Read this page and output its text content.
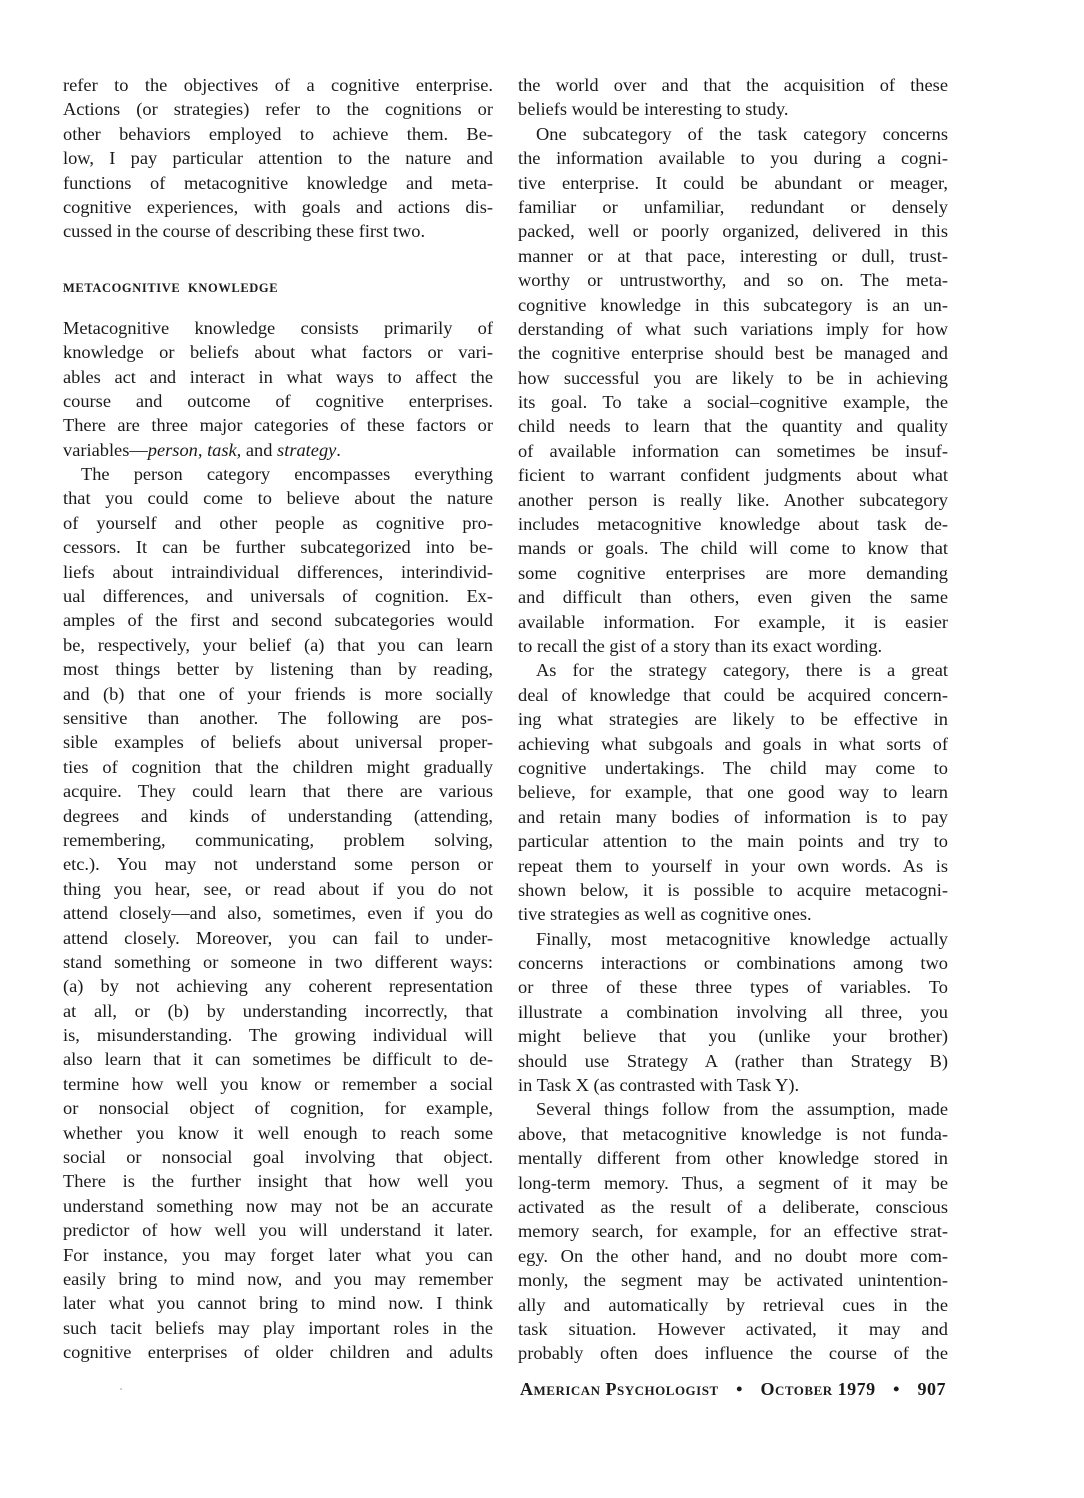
refer to the objectives of a cognitive enterprise.
Actions (or strategies) refer to the cognitions or
other behaviors employed to achieve them. Be-
low, I pay particular attention to the nature and
functions of metacognitive knowledge and meta-
cognitive experiences, with goals and actions dis-
cussed in the course of describing these first two.
METACOGNITIVE KNOWLEDGE
Metacognitive knowledge consists primarily of
knowledge or beliefs about what factors or vari-
ables act and interact in what ways to affect the
course and outcome of cognitive enterprises.
There are three major categories of these factors or
variables—person, task, and strategy.
The person category encompasses everything
that you could come to believe about the nature
of yourself and other people as cognitive pro-
cessors. It can be further subcategorized into be-
liefs about intraindividual differences, interindivid-
ual differences, and universals of cognition. Ex-
amples of the first and second subcategories would
be, respectively, your belief (a) that you can learn
most things better by listening than by reading,
and (b) that one of your friends is more socially
sensitive than another. The following are pos-
sible examples of beliefs about universal proper-
ties of cognition that the children might gradually
acquire. They could learn that there are various
degrees and kinds of understanding (attending,
remembering, communicating, problem solving,
etc.). You may not understand some person or
thing you hear, see, or read about if you do not
attend closely—and also, sometimes, even if you do
attend closely. Moreover, you can fail to under-
stand something or someone in two different ways:
(a) by not achieving any coherent representation
at all, or (b) by understanding incorrectly, that
is, misunderstanding. The growing individual will
also learn that it can sometimes be difficult to de-
termine how well you know or remember a social
or nonsocial object of cognition, for example,
whether you know it well enough to reach some
social or nonsocial goal involving that object.
There is the further insight that how well you
understand something now may not be an accurate
predictor of how well you will understand it later.
For instance, you may forget later what you can
easily bring to mind now, and you may remember
later what you cannot bring to mind now. I think
such tacit beliefs may play important roles in the
cognitive enterprises of older children and adults
the world over and that the acquisition of these
beliefs would be interesting to study.
One subcategory of the task category concerns
the information available to you during a cogni-
tive enterprise. It could be abundant or meager,
familiar or unfamiliar, redundant or densely
packed, well or poorly organized, delivered in this
manner or at that pace, interesting or dull, trust-
worthy or untrustworthy, and so on. The meta-
cognitive knowledge in this subcategory is an un-
derstanding of what such variations imply for how
the cognitive enterprise should best be managed and
how successful you are likely to be in achieving
its goal. To take a social–cognitive example, the
child needs to learn that the quantity and quality
of available information can sometimes be insuf-
ficient to warrant confident judgments about what
another person is really like. Another subcategory
includes metacognitive knowledge about task de-
mands or goals. The child will come to know that
some cognitive enterprises are more demanding
and difficult than others, even given the same
available information. For example, it is easier
to recall the gist of a story than its exact wording.
As for the strategy category, there is a great
deal of knowledge that could be acquired concern-
ing what strategies are likely to be effective in
achieving what subgoals and goals in what sorts of
cognitive undertakings. The child may come to
believe, for example, that one good way to learn
and retain many bodies of information is to pay
particular attention to the main points and try to
repeat them to yourself in your own words. As is
shown below, it is possible to acquire metacogni-
tive strategies as well as cognitive ones.
Finally, most metacognitive knowledge actually
concerns interactions or combinations among two
or three of these three types of variables. To
illustrate a combination involving all three, you
might believe that you (unlike your brother)
should use Strategy A (rather than Strategy B)
in Task X (as contrasted with Task Y).
Several things follow from the assumption, made
above, that metacognitive knowledge is not funda-
mentally different from other knowledge stored in
long-term memory. Thus, a segment of it may be
activated as the result of a deliberate, conscious
memory search, for example, for an effective strat-
egy. On the other hand, and no doubt more com-
monly, the segment may be activated unintention-
ally and automatically by retrieval cues in the
task situation. However activated, it may and
probably often does influence the course of the
American Psychologist • October 1979 • 907
